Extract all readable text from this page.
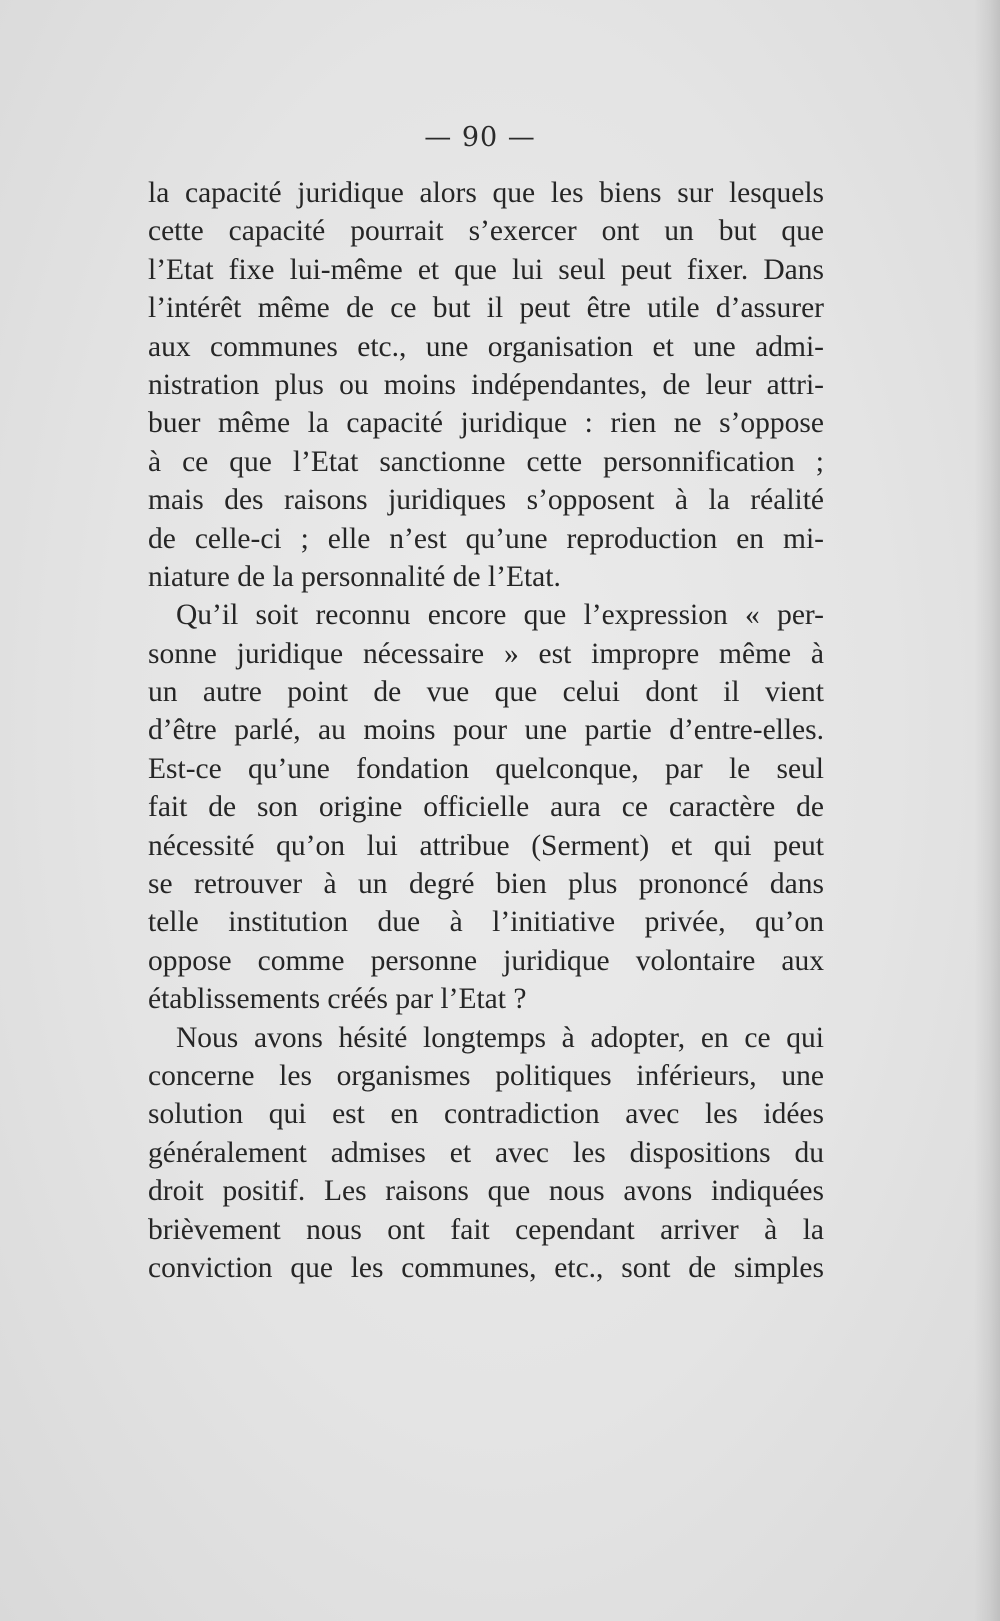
— 90 —
la capacité juridique alors que les biens sur lesquels
cette capacité pourrait s’exercer ont un but que
l’Etat fixe lui-même et que lui seul peut fixer. Dans
l’intérêt même de ce but il peut être utile d’assurer
aux communes etc., une organisation et une admi-
nistration plus ou moins indépendantes, de leur attri-
buer même la capacité juridique : rien ne s’oppose
à ce que l’Etat sanctionne cette personnification ;
mais des raisons juridiques s’opposent à la réalité
de celle-ci ; elle n’est qu’une reproduction en mi-
niature de la personnalité de l’Etat.
Qu’il soit reconnu encore que l’expression « per-
sonne juridique nécessaire » est impropre même à
un autre point de vue que celui dont il vient
d’être parlé, au moins pour une partie d’entre-elles.
Est-ce qu’une fondation quelconque, par le seul
fait de son origine officielle aura ce caractère de
nécessité qu’on lui attribue (Serment) et qui peut
se retrouver à un degré bien plus prononcé dans
telle institution due à l’initiative privée, qu’on
oppose comme personne juridique volontaire aux
établissements créés par l’Etat ?
Nous avons hésité longtemps à adopter, en ce qui
concerne les organismes politiques inférieurs, une
solution qui est en contradiction avec les idées
généralement admises et avec les dispositions du
droit positif. Les raisons que nous avons indiquées
brièvement nous ont fait cependant arriver à la
conviction que les communes, etc., sont de simples
